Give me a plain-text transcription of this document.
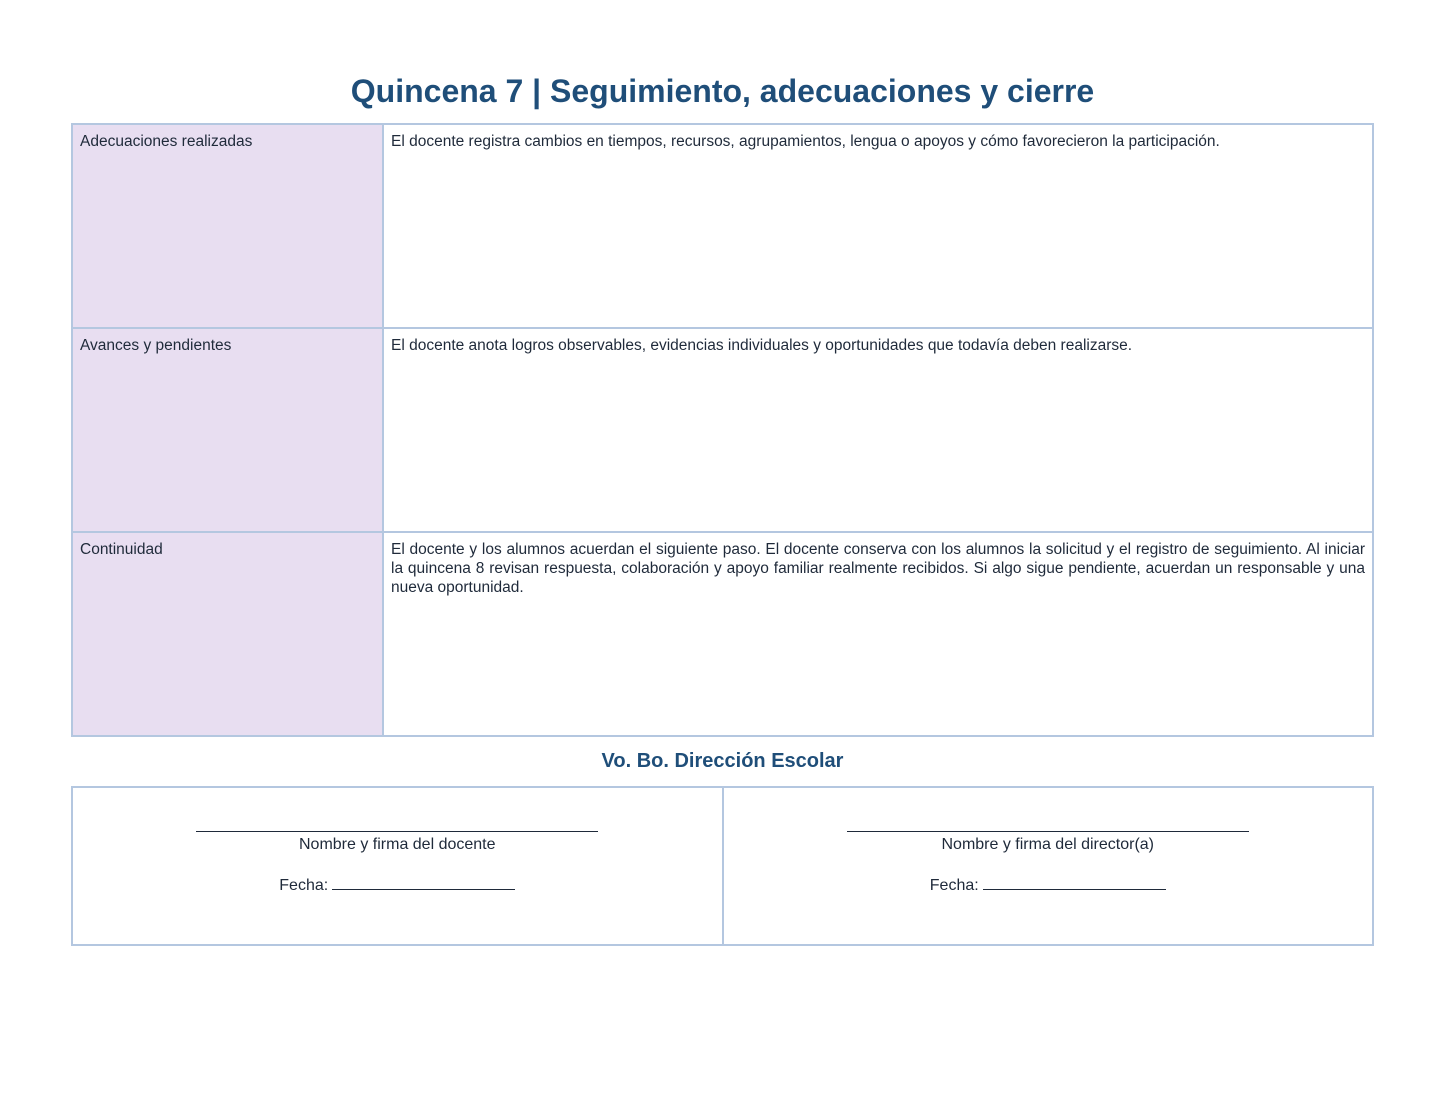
Quincena 7 | Seguimiento, adecuaciones y cierre
Adecuaciones realizadas	El docente registra cambios en tiempos, recursos, agrupamientos, lengua o apoyos y cómo favorecieron la participación.
Avances y pendientes	El docente anota logros observables, evidencias individuales y oportunidades que todavía deben realizarse.
Continuidad	El docente y los alumnos acuerdan el siguiente paso. El docente conserva con los alumnos la solicitud y el registro de seguimiento. Al iniciar la quincena 8 revisan respuesta, colaboración y apoyo familiar realmente recibidos. Si algo sigue pendiente, acuerdan un responsable y una nueva oportunidad.
Vo. Bo. Dirección Escolar
Nombre y firma del docente
Fecha:

Nombre y firma del director(a)
Fecha:
